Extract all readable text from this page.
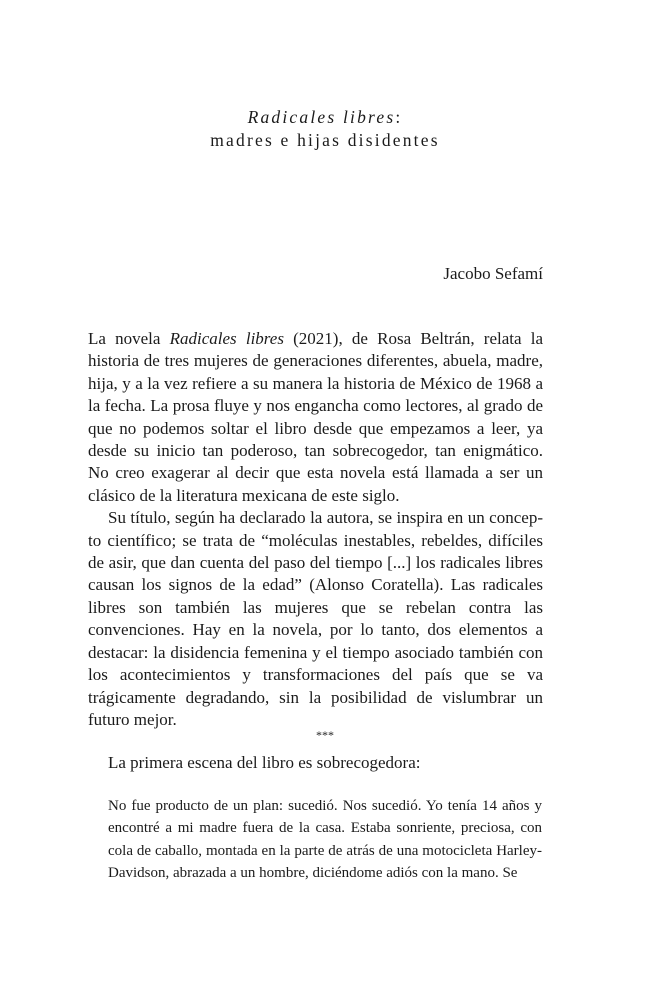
Radicales libres:
madres e hijas disidentes
Jacobo Sefamí

La novela Radicales libres (2021), de Rosa Beltrán, relata la historia de tres mujeres de generaciones diferentes, abuela, madre, hija, y a la vez refiere a su manera la historia de México de 1968 a la fecha. La prosa fluye y nos engancha como lectores, al grado de que no podemos soltar el libro desde que empezamos a leer, ya desde su inicio tan poderoso, tan sobrecogedor, tan enigmático. No creo exagerar al decir que esta novela está llamada a ser un clásico de la literatura mexicana de este siglo.

Su título, según ha declarado la autora, se inspira en un concepto científico; se trata de “moléculas inestables, rebeldes, difíciles de asir, que dan cuenta del paso del tiempo [...] los radicales libres causan los signos de la edad” (Alonso Coratella). Las radicales libres son también las mujeres que se rebelan contra las convenciones. Hay en la novela, por lo tanto, dos elementos a destacar: la disidencia femenina y el tiempo asociado también con los acontecimientos y transformaciones del país que se va trágicamente degradando, sin la posibilidad de vislumbrar un futuro mejor.

***
La primera escena del libro es sobrecogedora:

No fue producto de un plan: sucedió. Nos sucedió. Yo tenía 14 años y encontré a mi madre fuera de la casa. Estaba sonriente, preciosa, con cola de caballo, montada en la parte de atrás de una motocicleta Harley-Davidson, abrazada a un hombre, diciéndome adiós con la mano. Se
